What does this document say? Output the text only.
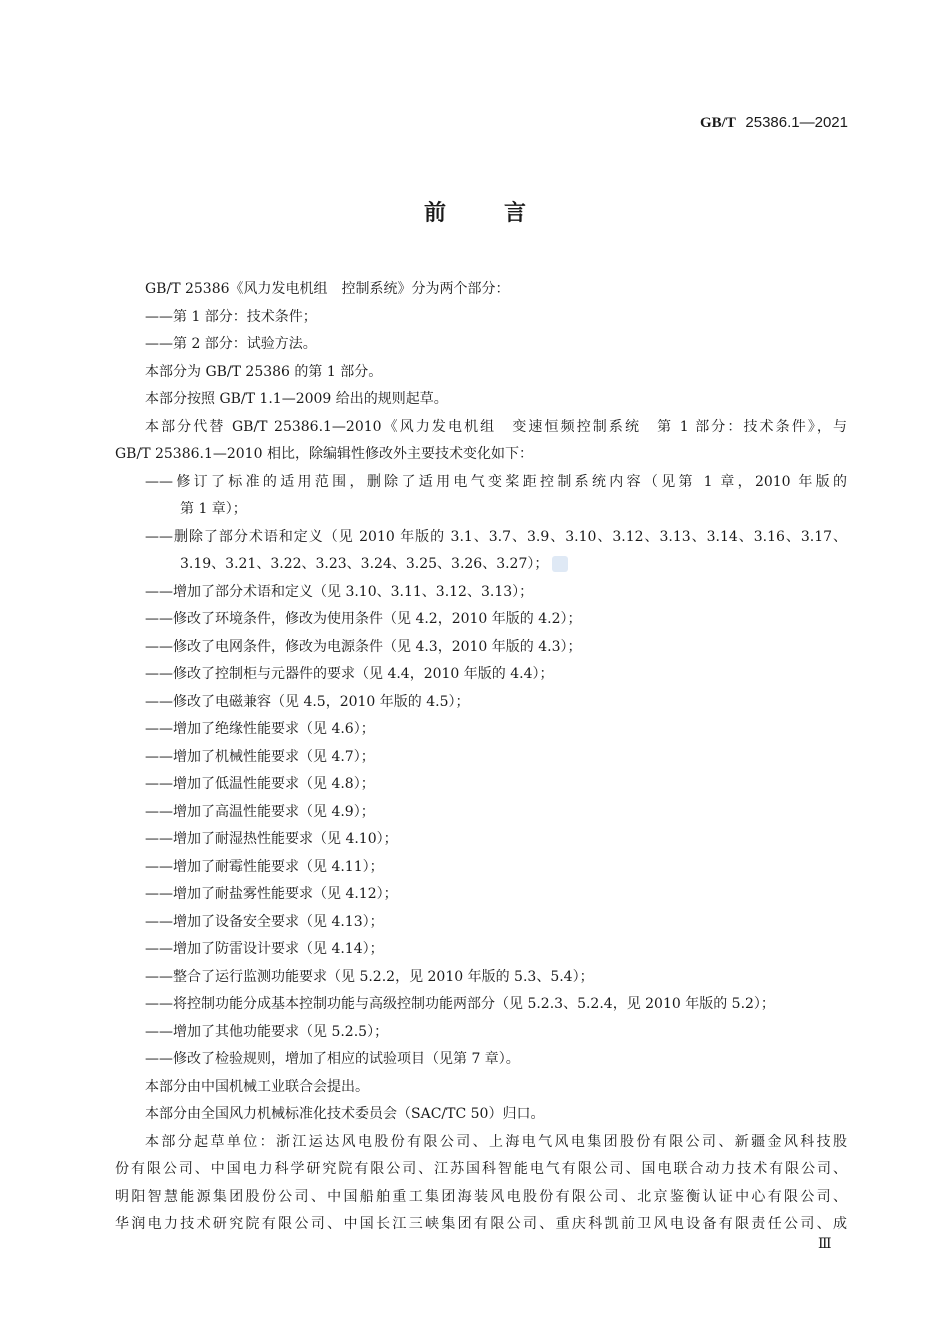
GB/T 25386.1—2021
前言
GB/T 25386《风力发电机组　控制系统》分为两个部分：
——第 1 部分：技术条件；
——第 2 部分：试验方法。
本部分为 GB/T 25386 的第 1 部分。
本部分按照 GB/T 1.1—2009 给出的规则起草。
本部分代替 GB/T 25386.1—2010《风力发电机组　变速恒频控制系统　第 1 部分：技术条件》，与
GB/T 25386.1—2010 相比，除编辑性修改外主要技术变化如下：
——修订了标准的适用范围，删除了适用电气变桨距控制系统内容（见第 1 章，2010 年版的
第 1 章）；
——删除了部分术语和定义（见 2010 年版的 3.1、3.7、3.9、3.10、3.12、3.13、3.14、3.16、3.17、
3.19、3.21、3.22、3.23、3.24、3.25、3.26、3.27）；
——增加了部分术语和定义（见 3.10、3.11、3.12、3.13）；
——修改了环境条件，修改为使用条件（见 4.2，2010 年版的 4.2）；
——修改了电网条件，修改为电源条件（见 4.3，2010 年版的 4.3）；
——修改了控制柜与元器件的要求（见 4.4，2010 年版的 4.4）；
——修改了电磁兼容（见 4.5，2010 年版的 4.5）；
——增加了绝缘性能要求（见 4.6）；
——增加了机械性能要求（见 4.7）；
——增加了低温性能要求（见 4.8）；
——增加了高温性能要求（见 4.9）；
——增加了耐湿热性能要求（见 4.10）；
——增加了耐霉性能要求（见 4.11）；
——增加了耐盐雾性能要求（见 4.12）；
——增加了设备安全要求（见 4.13）；
——增加了防雷设计要求（见 4.14）；
——整合了运行监测功能要求（见 5.2.2，见 2010 年版的 5.3、5.4）；
——将控制功能分成基本控制功能与高级控制功能两部分（见 5.2.3、5.2.4，见 2010 年版的 5.2）；
——增加了其他功能要求（见 5.2.5）；
——修改了检验规则，增加了相应的试验项目（见第 7 章）。
本部分由中国机械工业联合会提出。
本部分由全国风力机械标准化技术委员会（SAC/TC 50）归口。
本部分起草单位：浙江运达风电股份有限公司、上海电气风电集团股份有限公司、新疆金风科技股
份有限公司、中国电力科学研究院有限公司、江苏国科智能电气有限公司、国电联合动力技术有限公司、
明阳智慧能源集团股份公司、中国船舶重工集团海装风电股份有限公司、北京鉴衡认证中心有限公司、
华润电力技术研究院有限公司、中国长江三峡集团有限公司、重庆科凯前卫风电设备有限责任公司、成
Ⅲ
